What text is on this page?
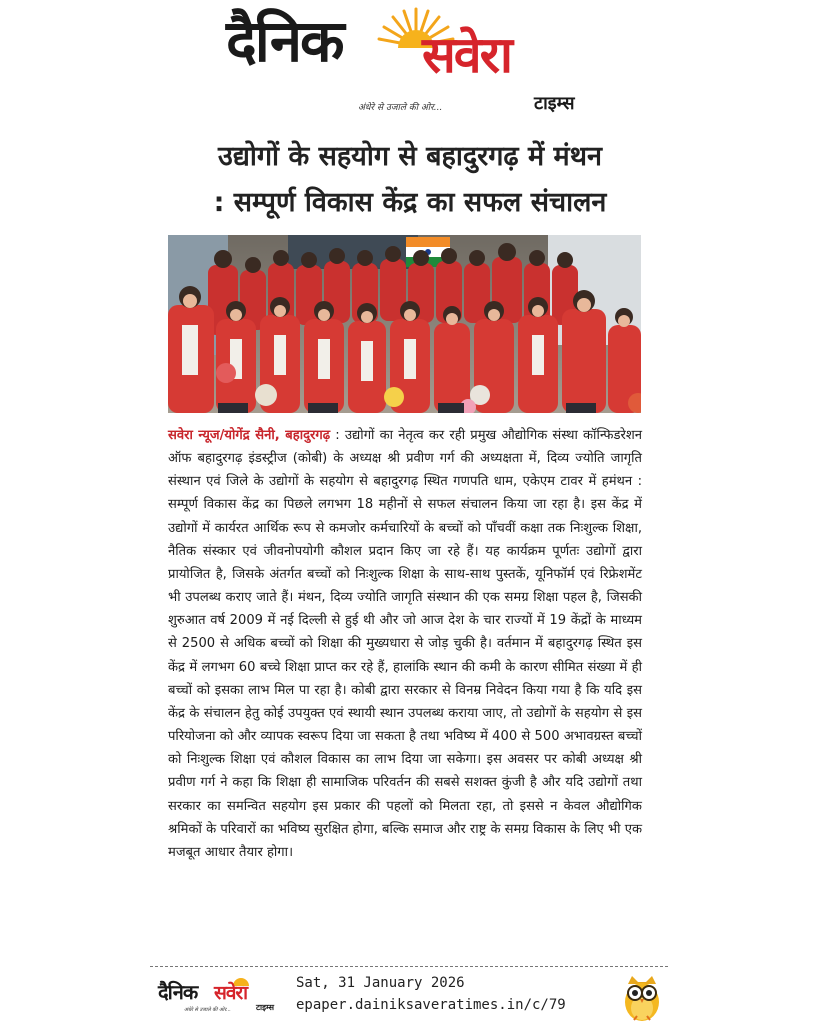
दैनिक सवेरा
अंधेरे से उजाले की ओर...	टाइम्स
उद्योगों के सहयोग से बहादुरगढ़ में मंथन
: सम्पूर्ण विकास केंद्र का सफल संचालन

सवेरा न्यूज/योगेंद्र सैनी, बहादुरगढ़ : उद्योगों का नेतृत्व कर रही प्रमुख औद्योगिक संस्था कॉन्फिडरेशन ऑफ बहादुरगढ़ इंडस्ट्रीज (कोबी) के अध्यक्ष श्री प्रवीण गर्ग की अध्यक्षता में, दिव्य ज्योति जागृति संस्थान एवं जिले के उद्योगों के सहयोग से बहादुरगढ़ स्थित गणपति धाम, एकेएम टावर में हमंथन : सम्पूर्ण विकास केंद्र का पिछले लगभग 18 महीनों से सफल संचालन किया जा रहा है। इस केंद्र में उद्योगों में कार्यरत आर्थिक रूप से कमजोर कर्मचारियों के बच्चों को पाँचवीं कक्षा तक निःशुल्क शिक्षा, नैतिक संस्कार एवं जीवनोपयोगी कौशल प्रदान किए जा रहे हैं। यह कार्यक्रम पूर्णतः उद्योगों द्वारा प्रायोजित है, जिसके अंतर्गत बच्चों को निःशुल्क शिक्षा के साथ-साथ पुस्तकें, यूनिफॉर्म एवं रिफ्रेशमेंट भी उपलब्ध कराए जाते हैं। मंथन, दिव्य ज्योति जागृति संस्थान की एक समग्र शिक्षा पहल है, जिसकी शुरुआत वर्ष 2009 में नई दिल्ली से हुई थी और जो आज देश के चार राज्यों में 19 केंद्रों के माध्यम से 2500 से अधिक बच्चों को शिक्षा की मुख्यधारा से जोड़ चुकी है। वर्तमान में बहादुरगढ़ स्थित इस केंद्र में लगभग 60 बच्चे शिक्षा प्राप्त कर रहे हैं, हालांकि स्थान की कमी के कारण सीमित संख्या में ही बच्चों को इसका लाभ मिल पा रहा है। कोबी द्वारा सरकार से विनम्र निवेदन किया गया है कि यदि इस केंद्र के संचालन हेतु कोई उपयुक्त एवं स्थायी स्थान उपलब्ध कराया जाए, तो उद्योगों के सहयोग से इस परियोजना को और व्यापक स्वरूप दिया जा सकता है तथा भविष्य में 400 से 500 अभावग्रस्त बच्चों को निःशुल्क शिक्षा एवं कौशल विकास का लाभ दिया जा सकेगा। इस अवसर पर कोबी अध्यक्ष श्री प्रवीण गर्ग ने कहा कि शिक्षा ही सामाजिक परिवर्तन की सबसे सशक्त कुंजी है और यदि उद्योगों तथा सरकार का समन्वित सहयोग इस प्रकार की पहलों को मिलता रहा, तो इससे न केवल औद्योगिक श्रमिकों के परिवारों का भविष्य सुरक्षित होगा, बल्कि समाज और राष्ट्र के समग्र विकास के लिए भी एक मजबूत आधार तैयार होगा।

दैनिक सवेरा
अंधेरे से उजाले की ओर...	टाइम्स
Sat, 31 January 2026
epaper.dainiksaveratimes.in/c/79
